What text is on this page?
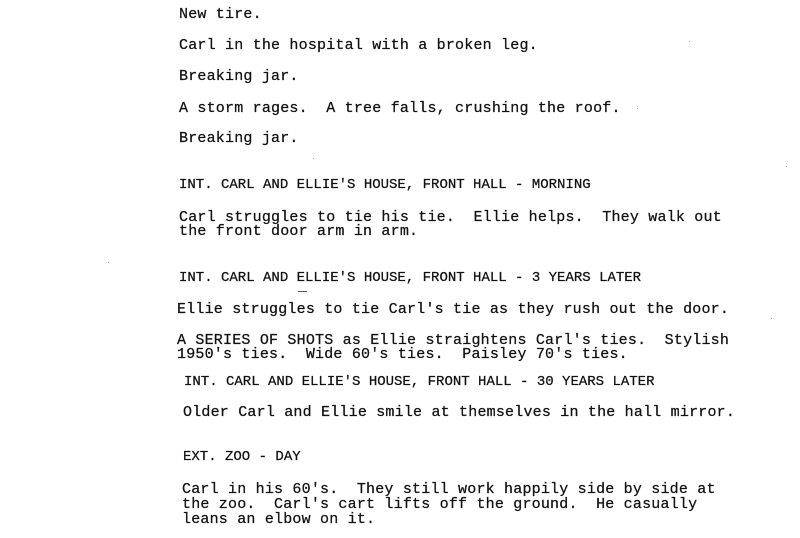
New tire.

Carl in the hospital with a broken leg.

Breaking jar.

A storm rages.  A tree falls, crushing the roof.

Breaking jar.

INT. CARL AND ELLIE'S HOUSE, FRONT HALL - MORNING

Carl struggles to tie his tie.  Ellie helps.  They walk out

the front door arm in arm.

INT. CARL AND ELLIE'S HOUSE, FRONT HALL - 3 YEARS LATER

Ellie struggles to tie Carl's tie as they rush out the door.

A SERIES OF SHOTS as Ellie straightens Carl's ties.  Stylish

1950's ties.  Wide 60's ties.  Paisley 70's ties.

INT. CARL AND ELLIE'S HOUSE, FRONT HALL - 30 YEARS LATER

Older Carl and Ellie smile at themselves in the hall mirror.

EXT. ZOO - DAY

Carl in his 60's.  They still work happily side by side at

the zoo.  Carl's cart lifts off the ground.  He casually

leans an elbow on it.
